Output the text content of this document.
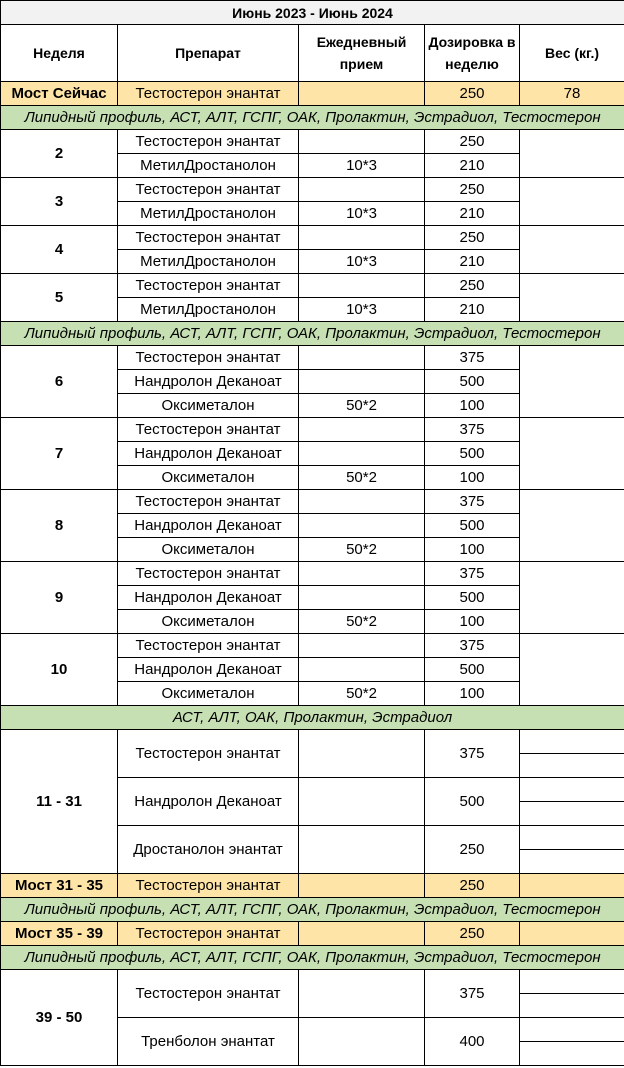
Июнь 2023 - Июнь 2024				
Неделя	Препарат	Ежедневный прием	Дозировка в неделю	Вес (кг.)
Мост Сейчас	Тестостерон энантат		250	78
Липидный профиль, АСТ, АЛТ, ГСПГ, ОАК, Пролактин, Эстрадиол, Тестостерон				
2	Тестостерон энантат		250	
	МетилДростанолон	10*3	210	
3	Тестостерон энантат		250	
	МетилДростанолон	10*3	210	
4	Тестостерон энантат		250	
	МетилДростанолон	10*3	210	
5	Тестостерон энантат		250	
	МетилДростанолон	10*3	210	
Липидный профиль, АСТ, АЛТ, ГСПГ, ОАК, Пролактин, Эстрадиол, Тестостерон				
6	Тестостерон энантат		375	
	Нандролон Деканоат		500	
	Оксиметалон	50*2	100	
7	Тестостерон энантат		375	
	Нандролон Деканоат		500	
	Оксиметалон	50*2	100	
8	Тестостерон энантат		375	
	Нандролон Деканоат		500	
	Оксиметалон	50*2	100	
9	Тестостерон энантат		375	
	Нандролон Деканоат		500	
	Оксиметалон	50*2	100	
10	Тестостерон энантат		375	
	Нандролон Деканоат		500	
	Оксиметалон	50*2	100	
АСТ, АЛТ, ОАК, Пролактин, Эстрадиол				
11 - 31	Тестостерон энантат		375	

	Нандролон Деканоат		500	

	Дростанолон энантат		250	

Мост 31 - 35	Тестостерон энантат		250	
Липидный профиль, АСТ, АЛТ, ГСПГ, ОАК, Пролактин, Эстрадиол, Тестостерон				
Мост 35 - 39	Тестостерон энантат		250	
Липидный профиль, АСТ, АЛТ, ГСПГ, ОАК, Пролактин, Эстрадиол, Тестостерон				
39 - 50	Тестостерон энантат		375	

	Тренболон энантат		400	
